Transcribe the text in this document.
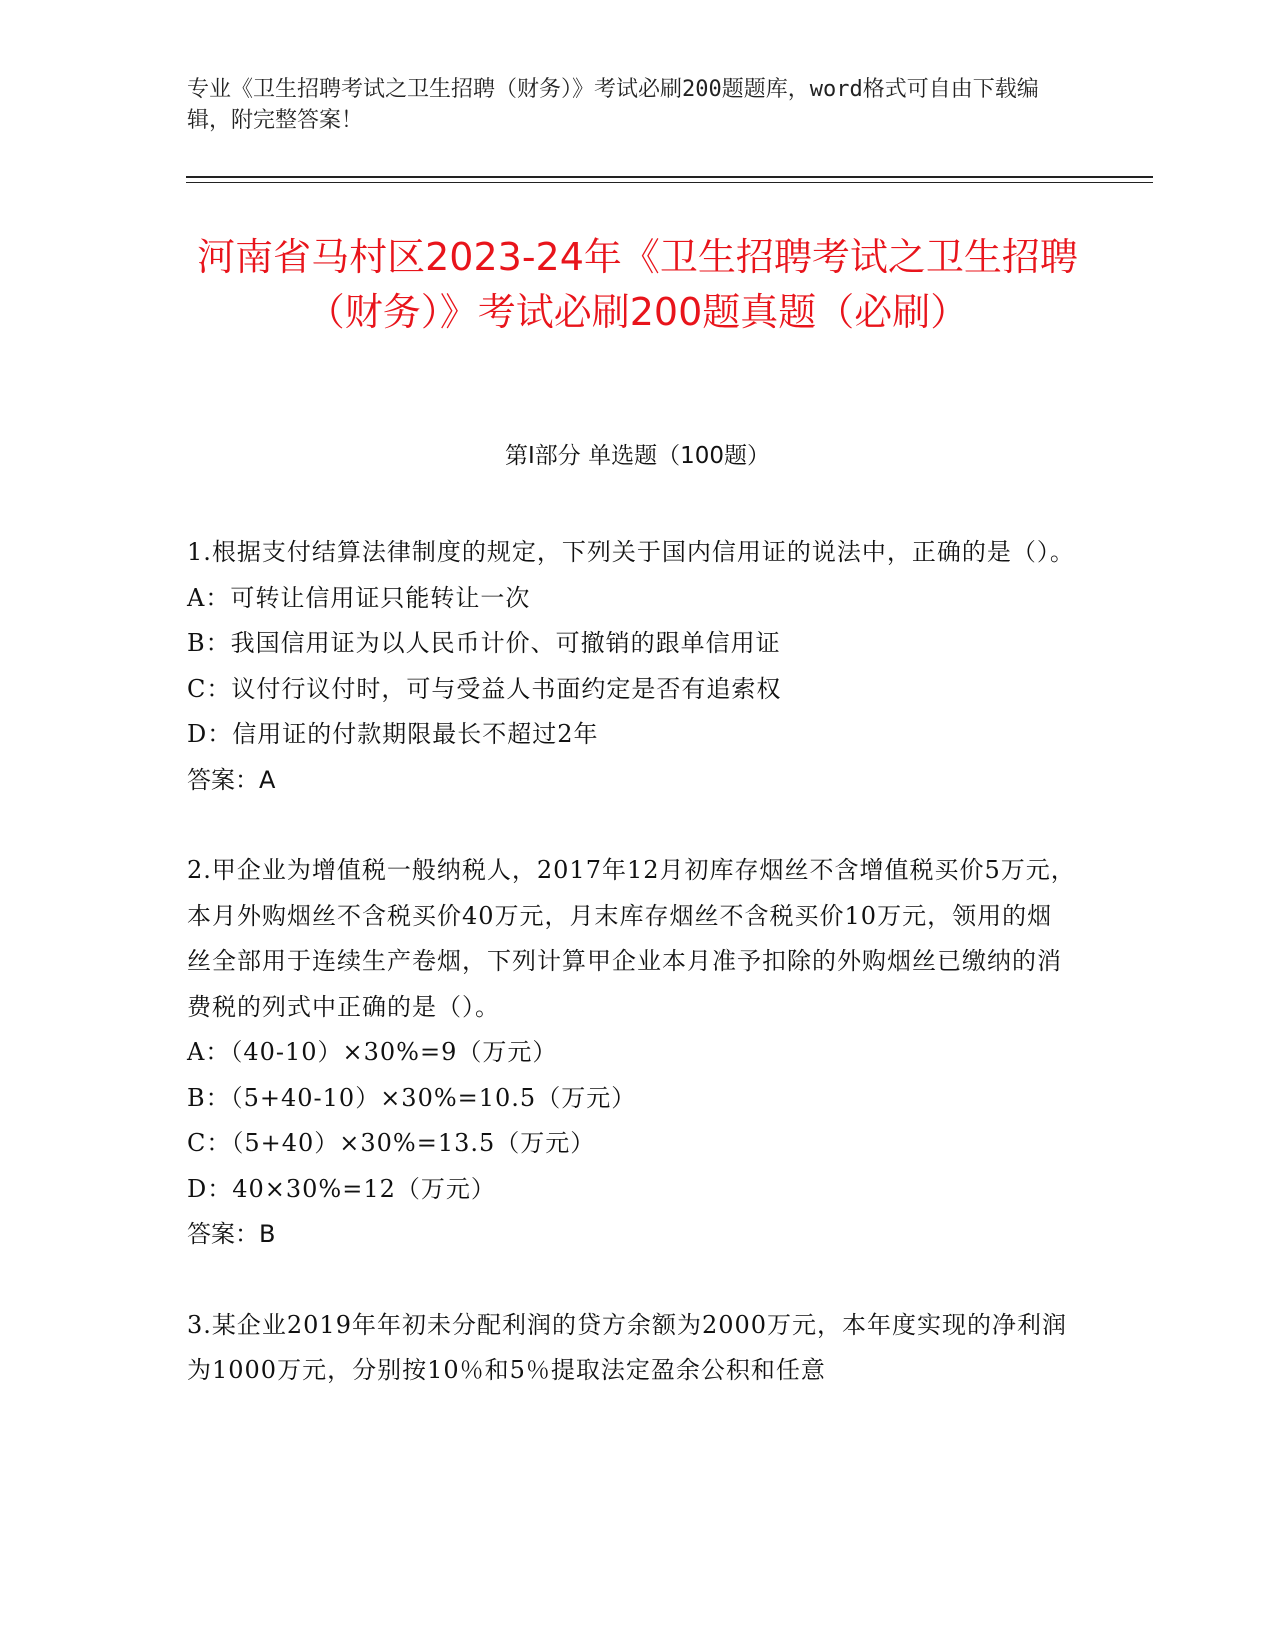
专业《卫生招聘考试之卫生招聘（财务）》考试必刷200题题库，word格式可自由下载编辑，附完整答案！
河南省马村区2023-24年《卫生招聘考试之卫生招聘（财务）》考试必刷200题真题（必刷）
第Ⅰ部分 单选题（100题）
1.根据支付结算法律制度的规定，下列关于国内信用证的说法中，正确的是（）。
A：可转让信用证只能转让一次
B：我国信用证为以人民币计价、可撤销的跟单信用证
C：议付行议付时，可与受益人书面约定是否有追索权
D：信用证的付款期限最长不超过2年
答案：A
2.甲企业为增值税一般纳税人，2017年12月初库存烟丝不含增值税买价5万元，本月外购烟丝不含税买价40万元，月末库存烟丝不含税买价10万元，领用的烟丝全部用于连续生产卷烟，下列计算甲企业本月准予扣除的外购烟丝已缴纳的消费税的列式中正确的是（）。
A：（40-10）×30%=9（万元）
B：（5+40-10）×30%=10.5（万元）
C：（5+40）×30%=13.5（万元）
D：40×30%=12（万元）
答案：B
3.某企业2019年年初未分配利润的贷方余额为2000万元，本年度实现的净利润为1000万元，分别按10％和5％提取法定盈余公积和任意
